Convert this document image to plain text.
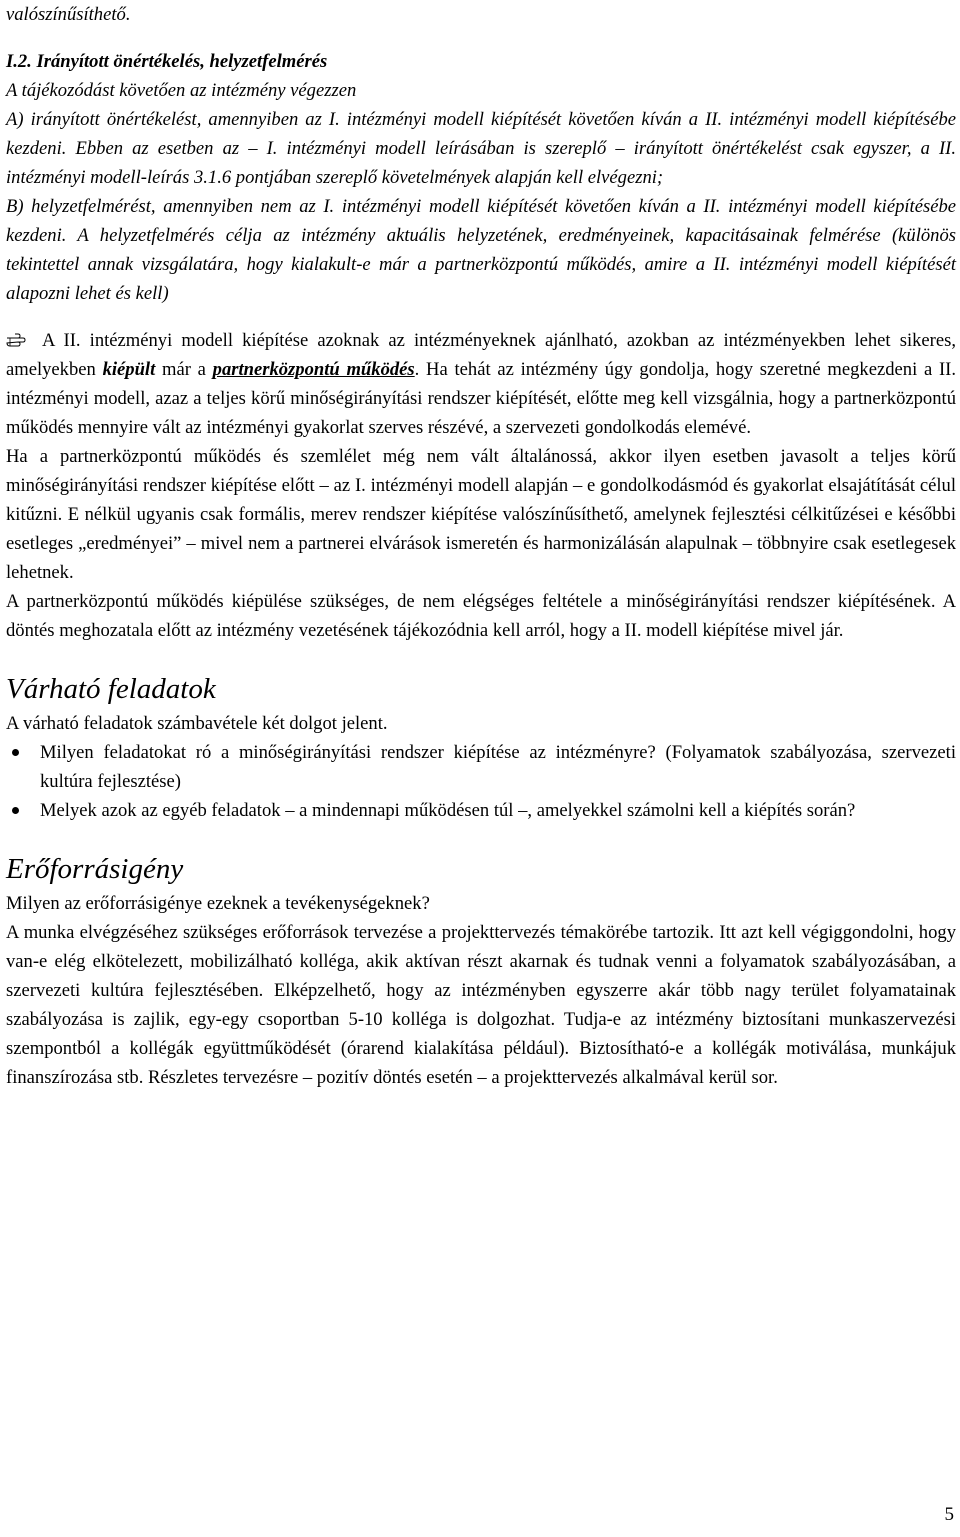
valószínűsíthető.

I.2. Irányított önértékelés, helyzetfelmérés

A tájékozódást követően az intézmény végezzen

A) irányított önértékelést, amennyiben az I. intézményi modell kiépítését követően kíván a II. intézményi modell kiépítésébe kezdeni. Ebben az esetben az – I. intézményi modell leírásában is szereplő – irányított önértékelést csak egyszer, a II. intézményi modell-leírás 3.1.6 pontjában szereplő követelmények alapján kell elvégezni;

B) helyzetfelmérést, amennyiben nem az I. intézményi modell kiépítését követően kíván a II. intézményi modell kiépítésébe kezdeni. A helyzetfelmérés célja az intézmény aktuális helyzetének, eredményeinek, kapacitásainak felmérése (különös tekintettel annak vizsgálatára, hogy kialakult-e már a partnerközpontú működés, amire a II. intézményi modell kiépítését alapozni lehet és kell)

A II. intézményi modell kiépítése azoknak az intézményeknek ajánlható, azokban az intézményekben lehet sikeres, amelyekben kiépült már a partnerközpontú működés. Ha tehát az intézmény úgy gondolja, hogy szeretné megkezdeni a II. intézményi modell, azaz a teljes körű minőségirányítási rendszer kiépítését, előtte meg kell vizsgálnia, hogy a partnerközpontú működés mennyire vált az intézményi gyakorlat szerves részévé, a szervezeti gondolkodás elemévé.

Ha a partnerközpontú működés és szemlélet még nem vált általánossá, akkor ilyen esetben javasolt a teljes körű minőségirányítási rendszer kiépítése előtt – az I. intézményi modell alapján – e gondolkodásmód és gyakorlat elsajátítását célul kitűzni. E nélkül ugyanis csak formális, merev rendszer kiépítése valószínűsíthető, amelynek fejlesztési célkitűzései e későbbi esetleges „eredményei” – mivel nem a partnerei elvárások ismeretén és harmonizálásán alapulnak – többnyire csak esetlegesek lehetnek.

A partnerközpontú működés kiépülése szükséges, de nem elégséges feltétele a minőségirányítási rendszer kiépítésének. A döntés meghozatala előtt az intézmény vezetésének tájékozódnia kell arról, hogy a II. modell kiépítése mivel jár.

Várható feladatok

A várható feladatok számbavétele két dolgot jelent.

Milyen feladatokat ró a minőségirányítási rendszer kiépítése az intézményre? (Folyamatok szabályozása, szervezeti kultúra fejlesztése)
Melyek azok az egyéb feladatok – a mindennapi működésen túl –, amelyekkel számolni kell a kiépítés során?
Erőforrásigény

Milyen az erőforrásigénye ezeknek a tevékenységeknek?

A munka elvégzéséhez szükséges erőforrások tervezése a projekttervezés témakörébe tartozik. Itt azt kell végiggondolni, hogy van-e elég elkötelezett, mobilizálható kolléga, akik aktívan részt akarnak és tudnak venni a folyamatok szabályozásában, a szervezeti kultúra fejlesztésében. Elképzelhető, hogy az intézményben egyszerre akár több nagy terület folyamatainak szabályozása is zajlik, egy-egy csoportban 5-10 kolléga is dolgozhat. Tudja-e az intézmény biztosítani munkaszervezési szempontból a kollégák együttműködését (órarend kialakítása például). Biztosítható-e a kollégák motiválása, munkájuk finanszírozása stb. Részletes tervezésre – pozitív döntés esetén – a projekttervezés alkalmával kerül sor.

5
